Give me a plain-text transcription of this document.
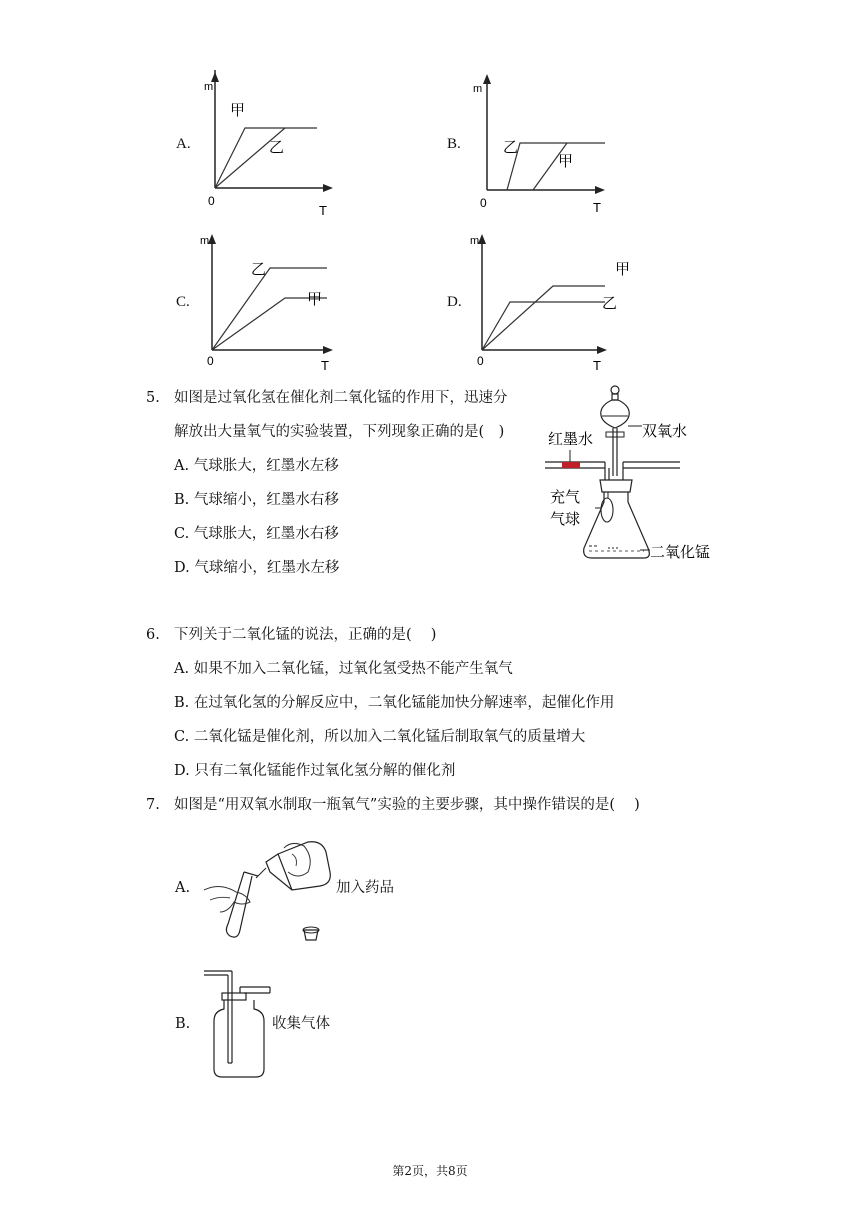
A.
m
甲
乙
0
T
B.
m
乙
甲
0	T
C.
m
乙
甲
0	T
D.
m
甲
乙
0	T
5. 如图是过氧化氢在催化剂二氧化锰的作用下，迅速分
解放出大量氧气的实验装置，下列现象正确的是(　)
A. 气球胀大，红墨水左移
B. 气球缩小，红墨水右移
C. 气球胀大，红墨水右移
D. 气球缩小，红墨水左移
双氧水
红墨水
充气
气球
二氧化锰
6. 下列关于二氧化锰的说法，正确的是(　 )
A. 如果不加入二氧化锰，过氧化氢受热不能产生氧气
B. 在过氧化氢的分解反应中，二氧化锰能加快分解速率，起催化作用
C. 二氧化锰是催化剂，所以加入二氧化锰后制取氧气的质量增大
D. 只有二氧化锰能作过氧化氢分解的催化剂
7. 如图是“用双氧水制取一瓶氧气”实验的主要步骤，其中操作错误的是(　 )
A.	加入药品
B.	收集气体
第2页，共8页
